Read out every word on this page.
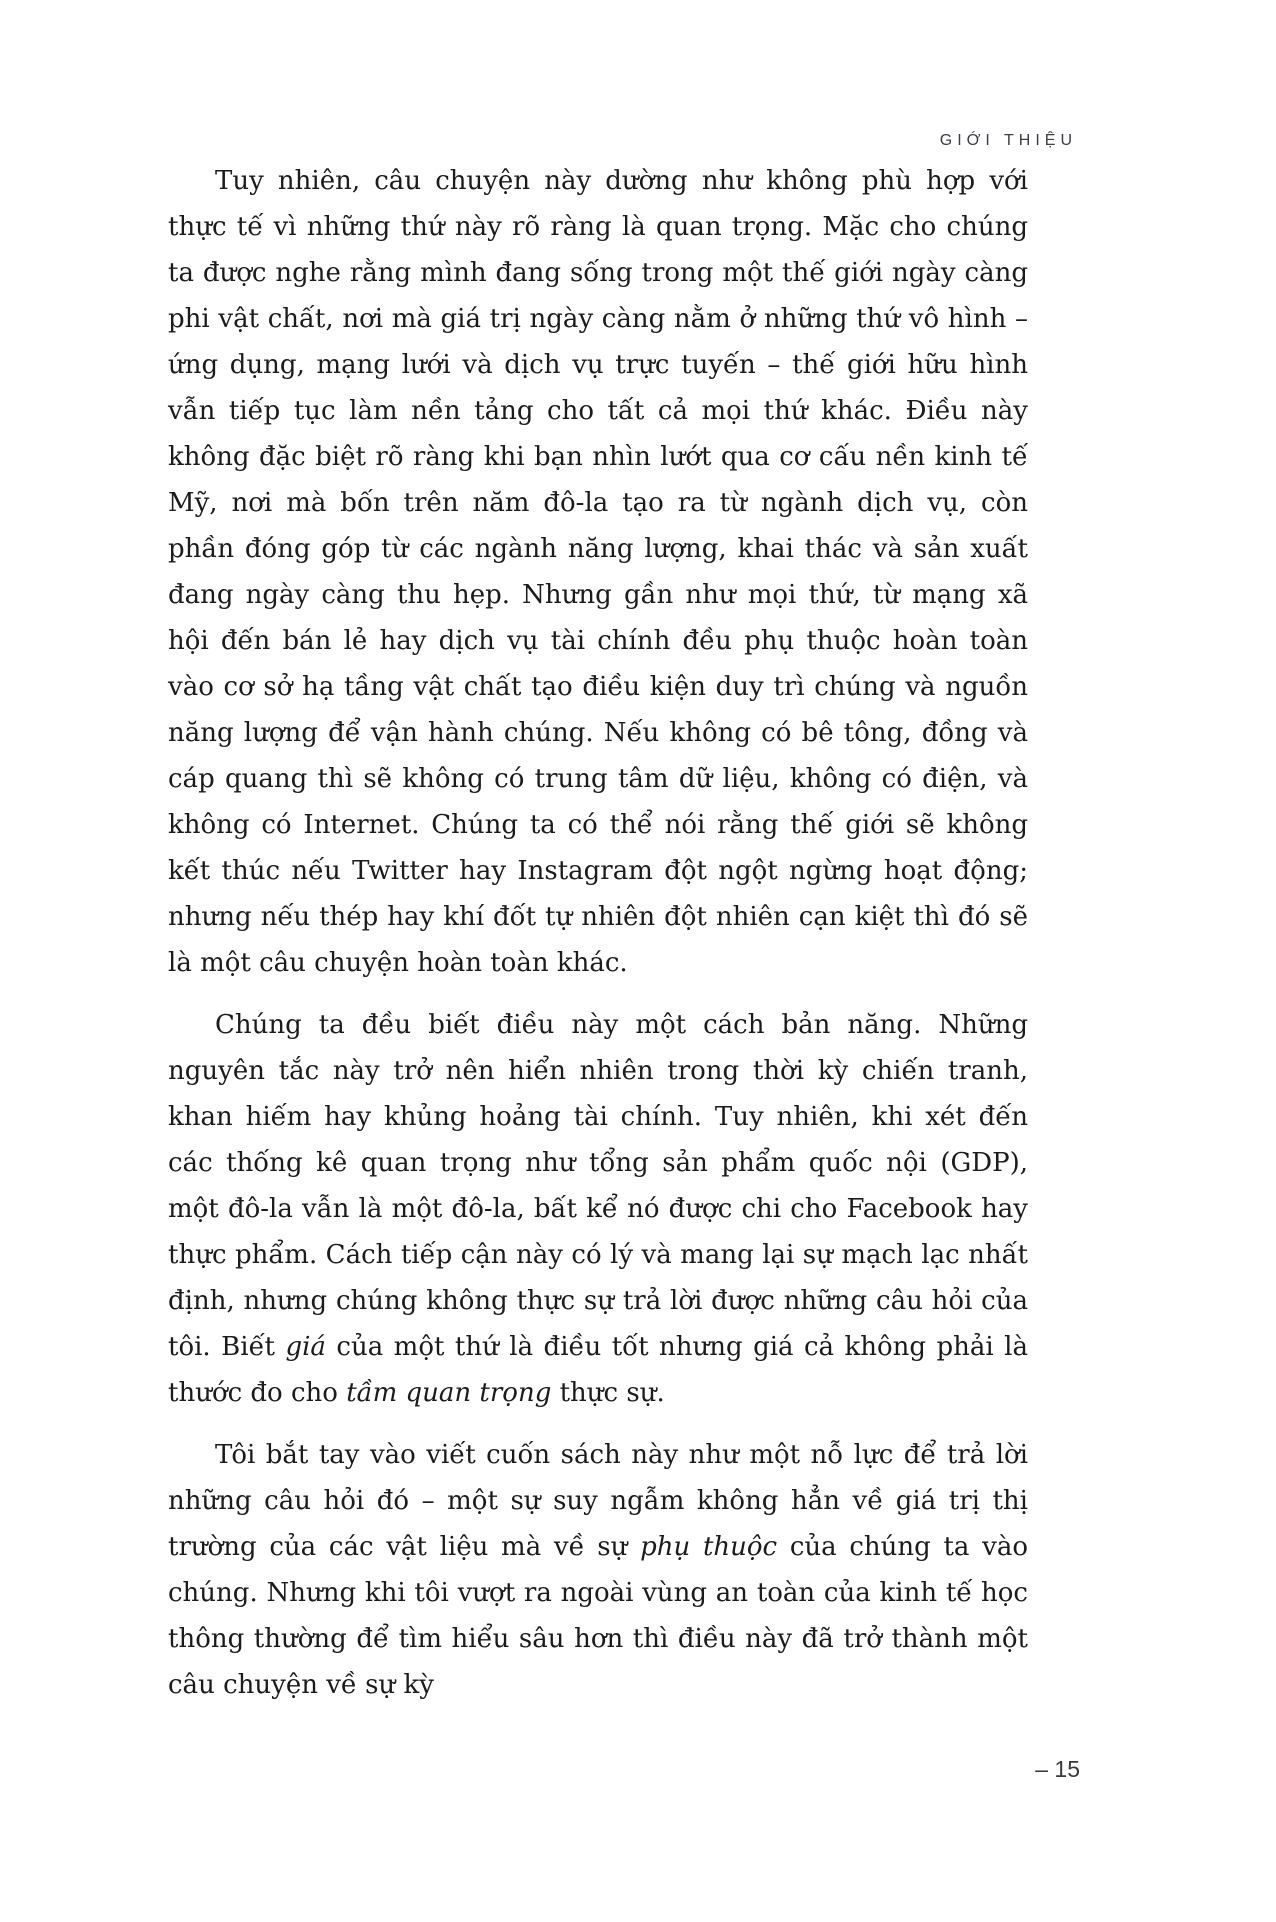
GIỚI THIỆU

Tuy nhiên, câu chuyện này dường như không phù hợp với thực tế vì những thứ này rõ ràng là quan trọng. Mặc cho chúng ta được nghe rằng mình đang sống trong một thế giới ngày càng phi vật chất, nơi mà giá trị ngày càng nằm ở những thứ vô hình – ứng dụng, mạng lưới và dịch vụ trực tuyến – thế giới hữu hình vẫn tiếp tục làm nền tảng cho tất cả mọi thứ khác. Điều này không đặc biệt rõ ràng khi bạn nhìn lướt qua cơ cấu nền kinh tế Mỹ, nơi mà bốn trên năm đô-la tạo ra từ ngành dịch vụ, còn phần đóng góp từ các ngành năng lượng, khai thác và sản xuất đang ngày càng thu hẹp. Nhưng gần như mọi thứ, từ mạng xã hội đến bán lẻ hay dịch vụ tài chính đều phụ thuộc hoàn toàn vào cơ sở hạ tầng vật chất tạo điều kiện duy trì chúng và nguồn năng lượng để vận hành chúng. Nếu không có bê tông, đồng và cáp quang thì sẽ không có trung tâm dữ liệu, không có điện, và không có Internet. Chúng ta có thể nói rằng thế giới sẽ không kết thúc nếu Twitter hay Instagram đột ngột ngừng hoạt động; nhưng nếu thép hay khí đốt tự nhiên đột nhiên cạn kiệt thì đó sẽ là một câu chuyện hoàn toàn khác.

Chúng ta đều biết điều này một cách bản năng. Những nguyên tắc này trở nên hiển nhiên trong thời kỳ chiến tranh, khan hiếm hay khủng hoảng tài chính. Tuy nhiên, khi xét đến các thống kê quan trọng như tổng sản phẩm quốc nội (GDP), một đô-la vẫn là một đô-la, bất kể nó được chi cho Facebook hay thực phẩm. Cách tiếp cận này có lý và mang lại sự mạch lạc nhất định, nhưng chúng không thực sự trả lời được những câu hỏi của tôi. Biết giá của một thứ là điều tốt nhưng giá cả không phải là thước đo cho tầm quan trọng thực sự.

Tôi bắt tay vào viết cuốn sách này như một nỗ lực để trả lời những câu hỏi đó – một sự suy ngẫm không hẳn về giá trị thị trường của các vật liệu mà về sự phụ thuộc của chúng ta vào chúng. Nhưng khi tôi vượt ra ngoài vùng an toàn của kinh tế học thông thường để tìm hiểu sâu hơn thì điều này đã trở thành một câu chuyện về sự kỳ

– 15
